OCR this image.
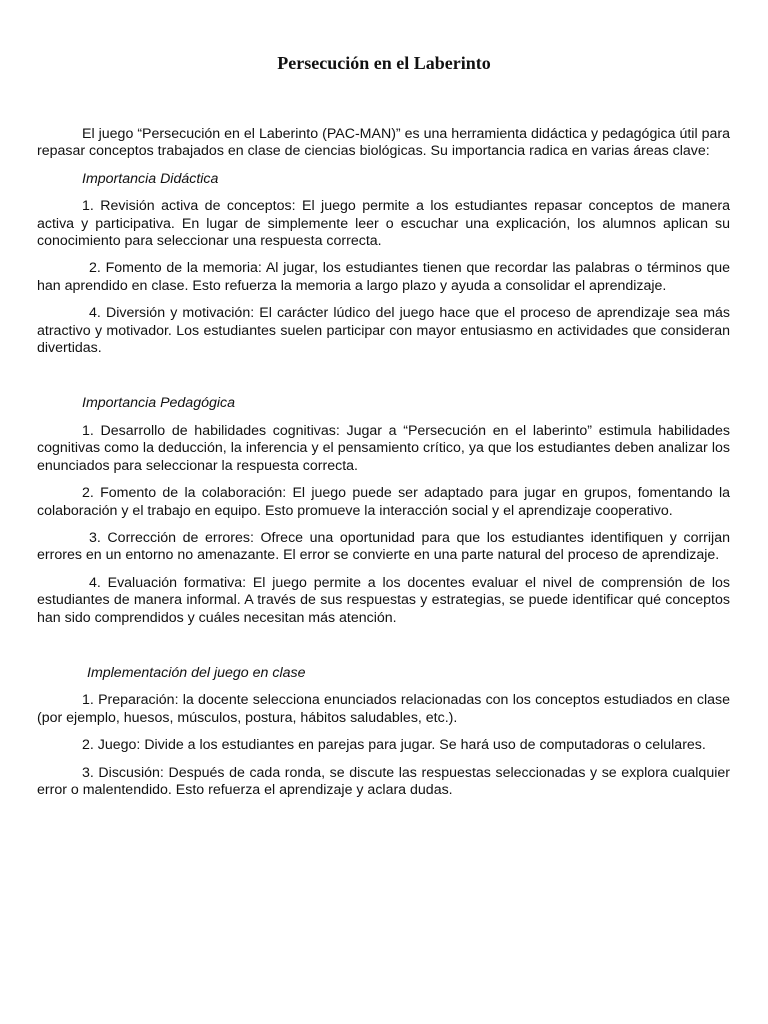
Persecución en el Laberinto

El juego “Persecución en el Laberinto (PAC-MAN)” es una herramienta didáctica y pedagógica útil para repasar conceptos trabajados en clase de ciencias biológicas. Su importancia radica en varias áreas clave:

Importancia Didáctica

1. Revisión activa de conceptos: El juego permite a los estudiantes repasar conceptos de manera activa y participativa. En lugar de simplemente leer o escuchar una explicación, los alumnos aplican su conocimiento para seleccionar una respuesta correcta.

2. Fomento de la memoria: Al jugar, los estudiantes tienen que recordar las palabras o términos que han aprendido en clase. Esto refuerza la memoria a largo plazo y ayuda a consolidar el aprendizaje.

4. Diversión y motivación: El carácter lúdico del juego hace que el proceso de aprendizaje sea más atractivo y motivador. Los estudiantes suelen participar con mayor entusiasmo en actividades que consideran divertidas.

Importancia Pedagógica

1. Desarrollo de habilidades cognitivas: Jugar a “Persecución en el laberinto” estimula habilidades cognitivas como la deducción, la inferencia y el pensamiento crítico, ya que los estudiantes deben analizar los enunciados para seleccionar la respuesta correcta.

2. Fomento de la colaboración: El juego puede ser adaptado para jugar en grupos, fomentando la colaboración y el trabajo en equipo. Esto promueve la interacción social y el aprendizaje cooperativo.

3. Corrección de errores: Ofrece una oportunidad para que los estudiantes identifiquen y corrijan errores en un entorno no amenazante. El error se convierte en una parte natural del proceso de aprendizaje.

4. Evaluación formativa: El juego permite a los docentes evaluar el nivel de comprensión de los estudiantes de manera informal. A través de sus respuestas y estrategias, se puede identificar qué conceptos han sido comprendidos y cuáles necesitan más atención.

Implementación del juego en clase

1. Preparación: la docente selecciona enunciados relacionadas con los conceptos estudiados en clase (por ejemplo, huesos, músculos, postura, hábitos saludables, etc.).

2. Juego: Divide a los estudiantes en parejas para jugar. Se hará uso de computadoras o celulares.

3. Discusión: Después de cada ronda, se discute las respuestas seleccionadas y se explora cualquier error o malentendido. Esto refuerza el aprendizaje y aclara dudas.
